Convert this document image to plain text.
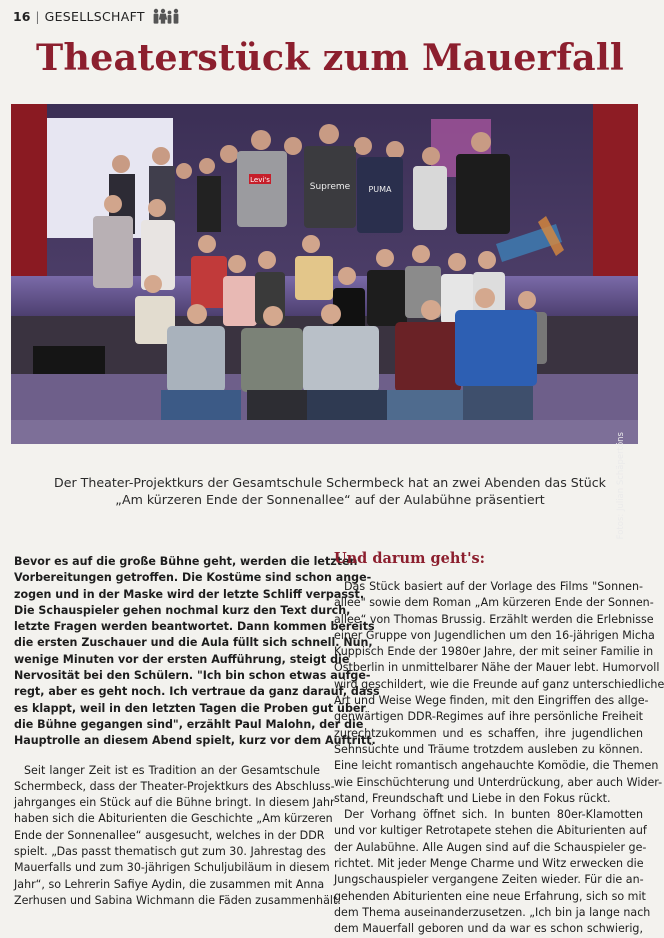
16 | GESELLSCHAFT
Theaterstück zum Mauerfall
Levi's
Supreme PUMA
Fotos: Julian Schäpertöns
Der Theater-Projektkurs der Gesamtschule Schermbeck hat an zwei Abenden das Stück
„Am kürzeren Ende der Sonnenallee“ auf der Aulabühne präsentiert

Bevor es auf die große Bühne geht, werden die letzten
Vorbereitungen getroffen. Die Kostüme sind schon ange-
zogen und in der Maske wird der letzte Schliff verpasst.
Die Schauspieler gehen nochmal kurz den Text durch,
letzte Fragen werden beantwortet. Dann kommen bereits
die ersten Zuschauer und die Aula füllt sich schnell. Nun,
wenige Minuten vor der ersten Aufführung, steigt die
Nervosität bei den Schülern. "Ich bin schon etwas aufge-
regt, aber es geht noch. Ich vertraue da ganz darauf, dass
es klappt, weil in den letzten Tagen die Proben gut über
die Bühne gegangen sind", erzählt Paul Malohn, der die
Hauptrolle an diesem Abend spielt, kurz vor dem Auftritt.

Seit langer Zeit ist es Tradition an der Gesamtschule
Schermbeck, dass der Theater-Projektkurs des Abschluss-
jahrganges ein Stück auf die Bühne bringt. In diesem Jahr
haben sich die Abiturienten die Geschichte „Am kürzeren
Ende der Sonnenallee“ ausgesucht, welches in der DDR
spielt. „Das passt thematisch gut zum 30. Jahrestag des
Mauerfalls und zum 30-jährigen Schuljubiläum in diesem
Jahr“, so Lehrerin Safiye Aydin, die zusammen mit Anna
Zerhusen und Sabina Wichmann die Fäden zusammenhält.

Und darum geht's:

Das Stück basiert auf der Vorlage des Films "Sonnen-
allee" sowie dem Roman „Am kürzeren Ende der Sonnen-
allee“ von Thomas Brussig. Erzählt werden die Erlebnisse
einer Gruppe von Jugendlichen um den 16-jährigen Micha
Kuppisch Ende der 1980er Jahre, der mit seiner Familie in
Ostberlin in unmittelbarer Nähe der Mauer lebt. Humorvoll
wird geschildert, wie die Freunde auf ganz unterschiedliche
Art und Weise Wege finden, mit den Eingriffen des allge-
genwärtigen DDR-Regimes auf ihre persönliche Freiheit
zurechtzukommen und es schaffen, ihre jugendlichen
Sehnsüchte und Träume trotzdem ausleben zu können.
Eine leicht romantisch angehauchte Komödie, die Themen
wie Einschüchterung und Unterdrückung, aber auch Wider-
stand, Freundschaft und Liebe in den Fokus rückt.

Der Vorhang öffnet sich. In bunten 80er-Klamotten
und vor kultiger Retrotapete stehen die Abiturienten auf
der Aulabühne. Alle Augen sind auf die Schauspieler ge-
richtet. Mit jeder Menge Charme und Witz erwecken die
Jungschauspieler vergangene Zeiten wieder. Für die an-
gehenden Abiturienten eine neue Erfahrung, sich so mit
dem Thema auseinanderzusetzen. „Ich bin ja lange nach
dem Mauerfall geboren und da war es schon schwierig,
